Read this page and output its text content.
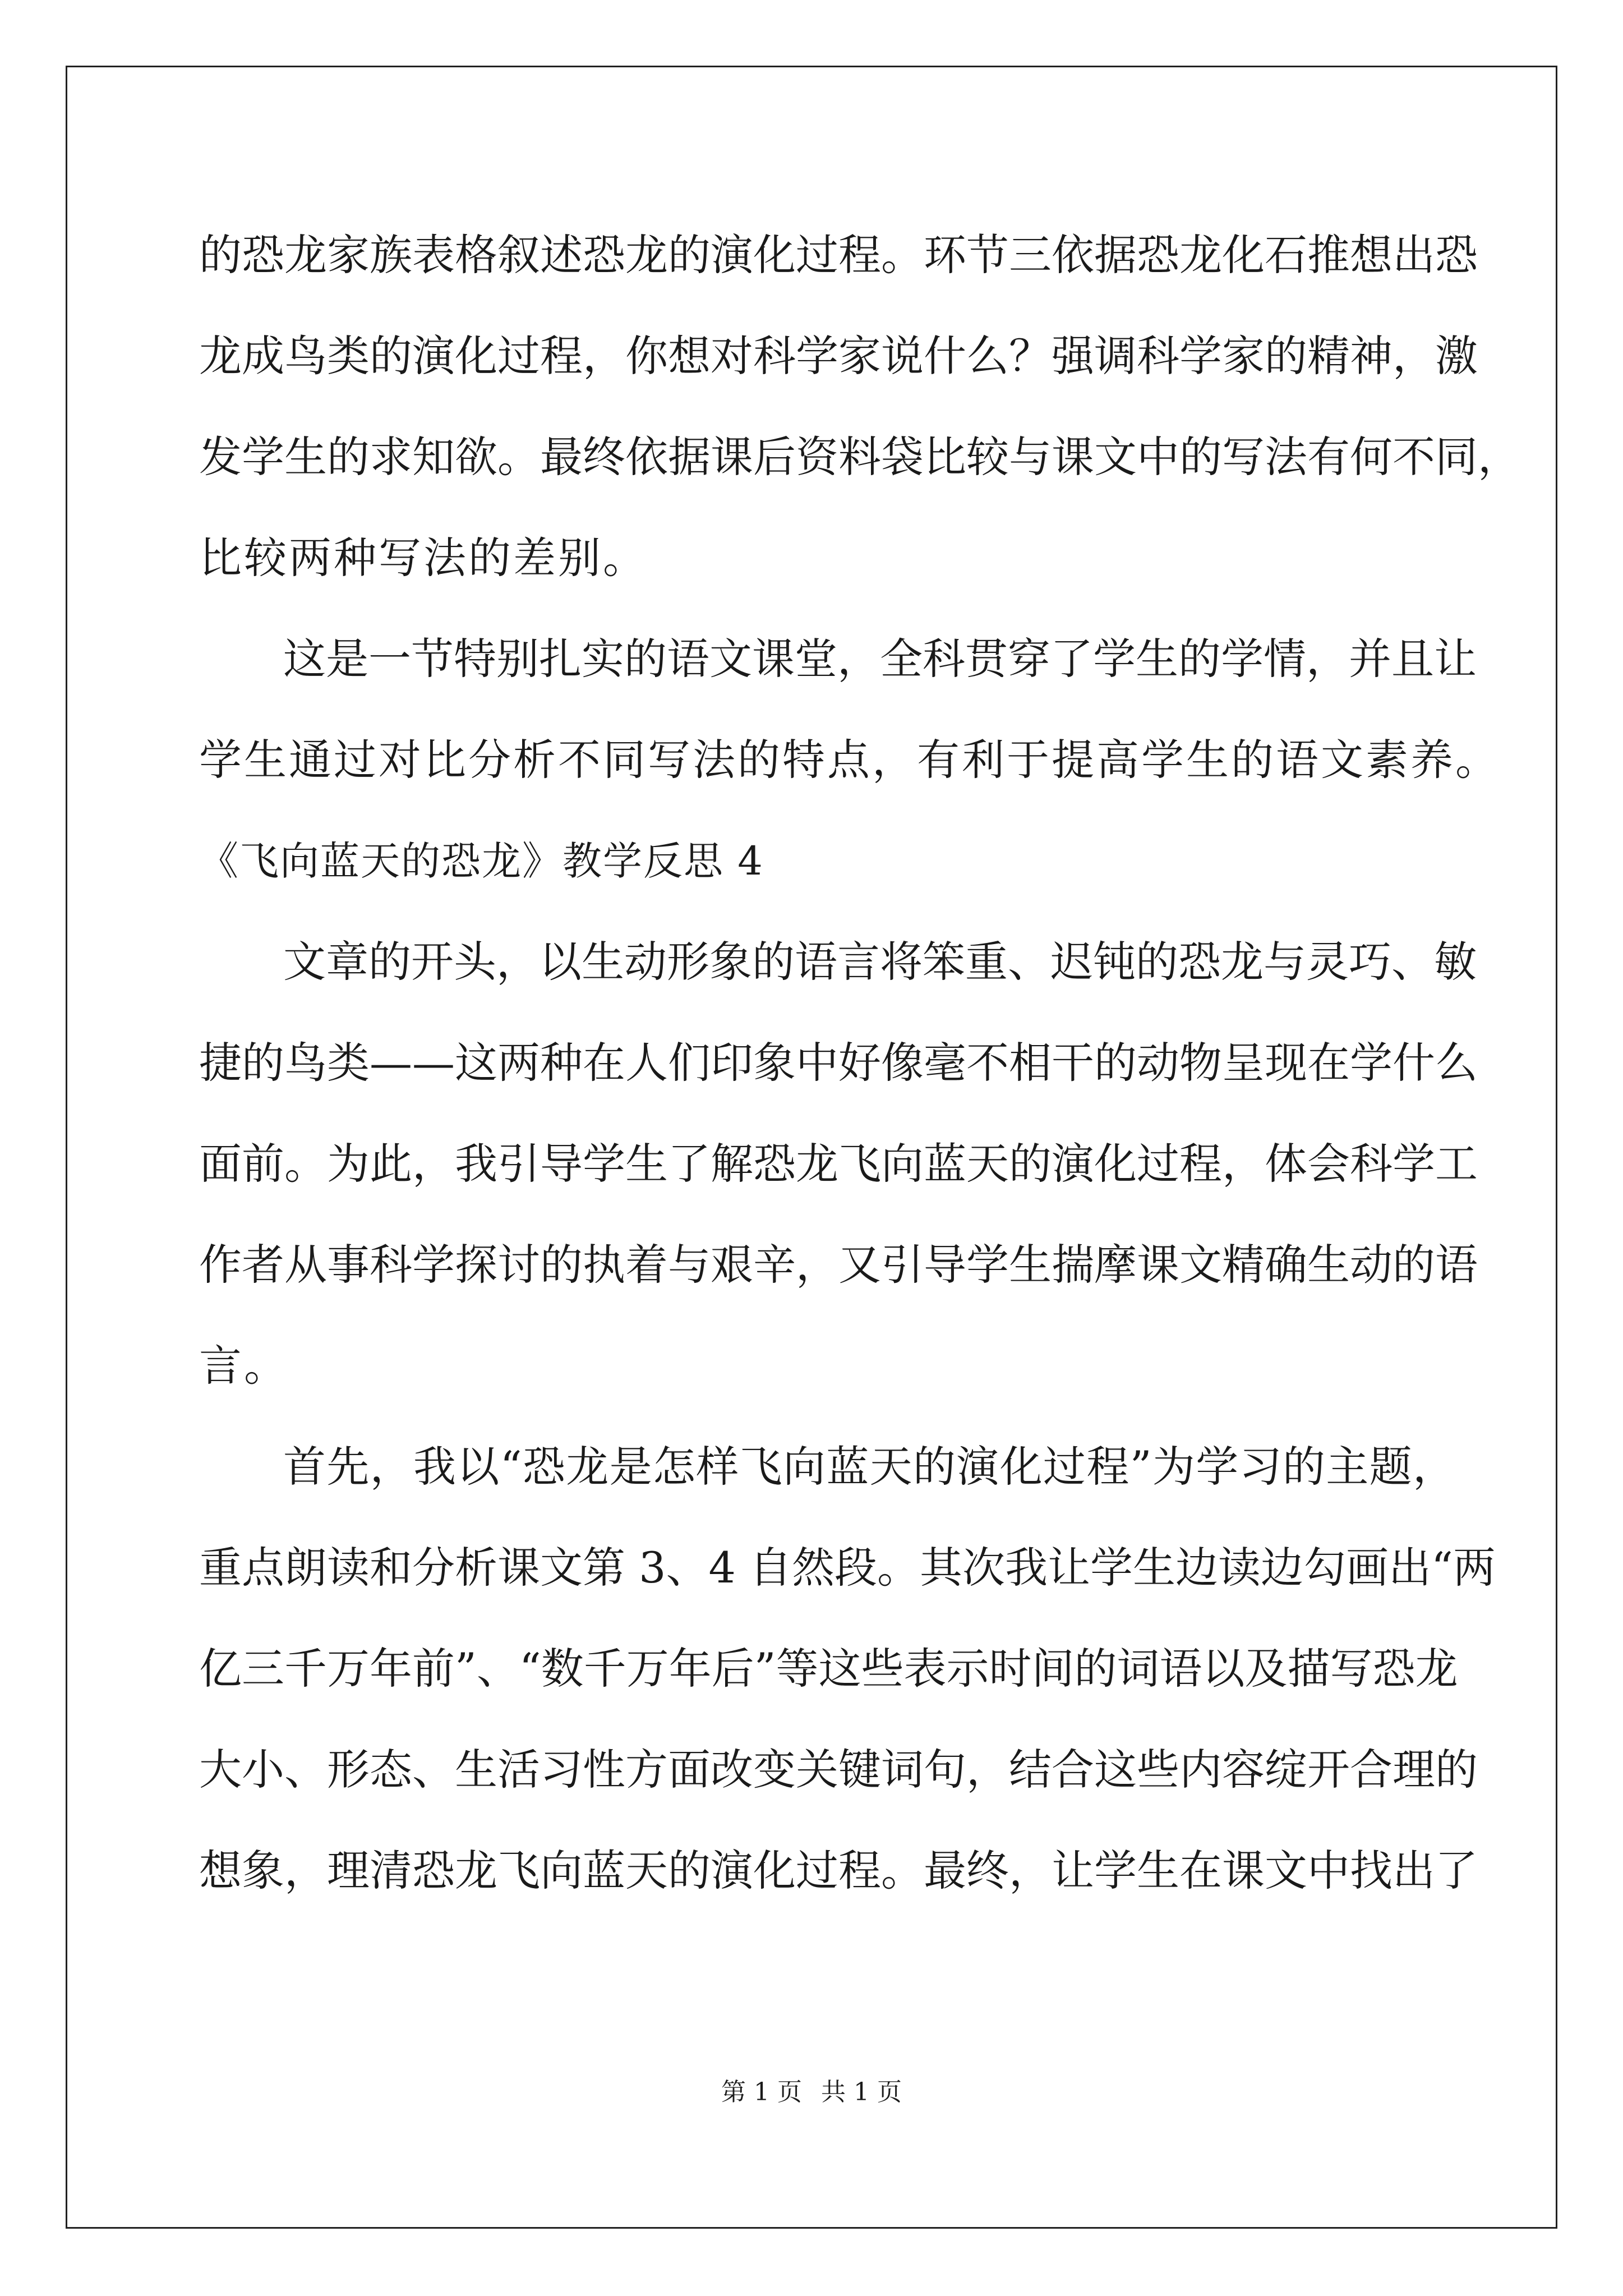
的恐龙家族表格叙述恐龙的演化过程。环节三依据恐龙化石推想出恐
龙成鸟类的演化过程，你想对科学家说什么？强调科学家的精神，激
发学生的求知欲。最终依据课后资料袋比较与课文中的写法有何不同，
比较两种写法的差别。
这是一节特别扎实的语文课堂，全科贯穿了学生的学情，并且让
学生通过对比分析不同写法的特点，有利于提高学生的语文素养。
《飞向蓝天的恐龙》教学反思 4
文章的开头，以生动形象的语言将笨重、迟钝的恐龙与灵巧、敏
捷的鸟类——这两种在人们印象中好像毫不相干的动物呈现在学什么
面前。为此，我引导学生了解恐龙飞向蓝天的演化过程，体会科学工
作者从事科学探讨的执着与艰辛，又引导学生揣摩课文精确生动的语
言。
首先，我以“恐龙是怎样飞向蓝天的演化过程”为学习的主题，
重点朗读和分析课文第 3、4 自然段。其次我让学生边读边勾画出“两
亿三千万年前”、“数千万年后”等这些表示时间的词语以及描写恐龙
大小、形态、生活习性方面改变关键词句，结合这些内容绽开合理的
想象，理清恐龙飞向蓝天的演化过程。最终，让学生在课文中找出了
第 1 页 共 1 页
